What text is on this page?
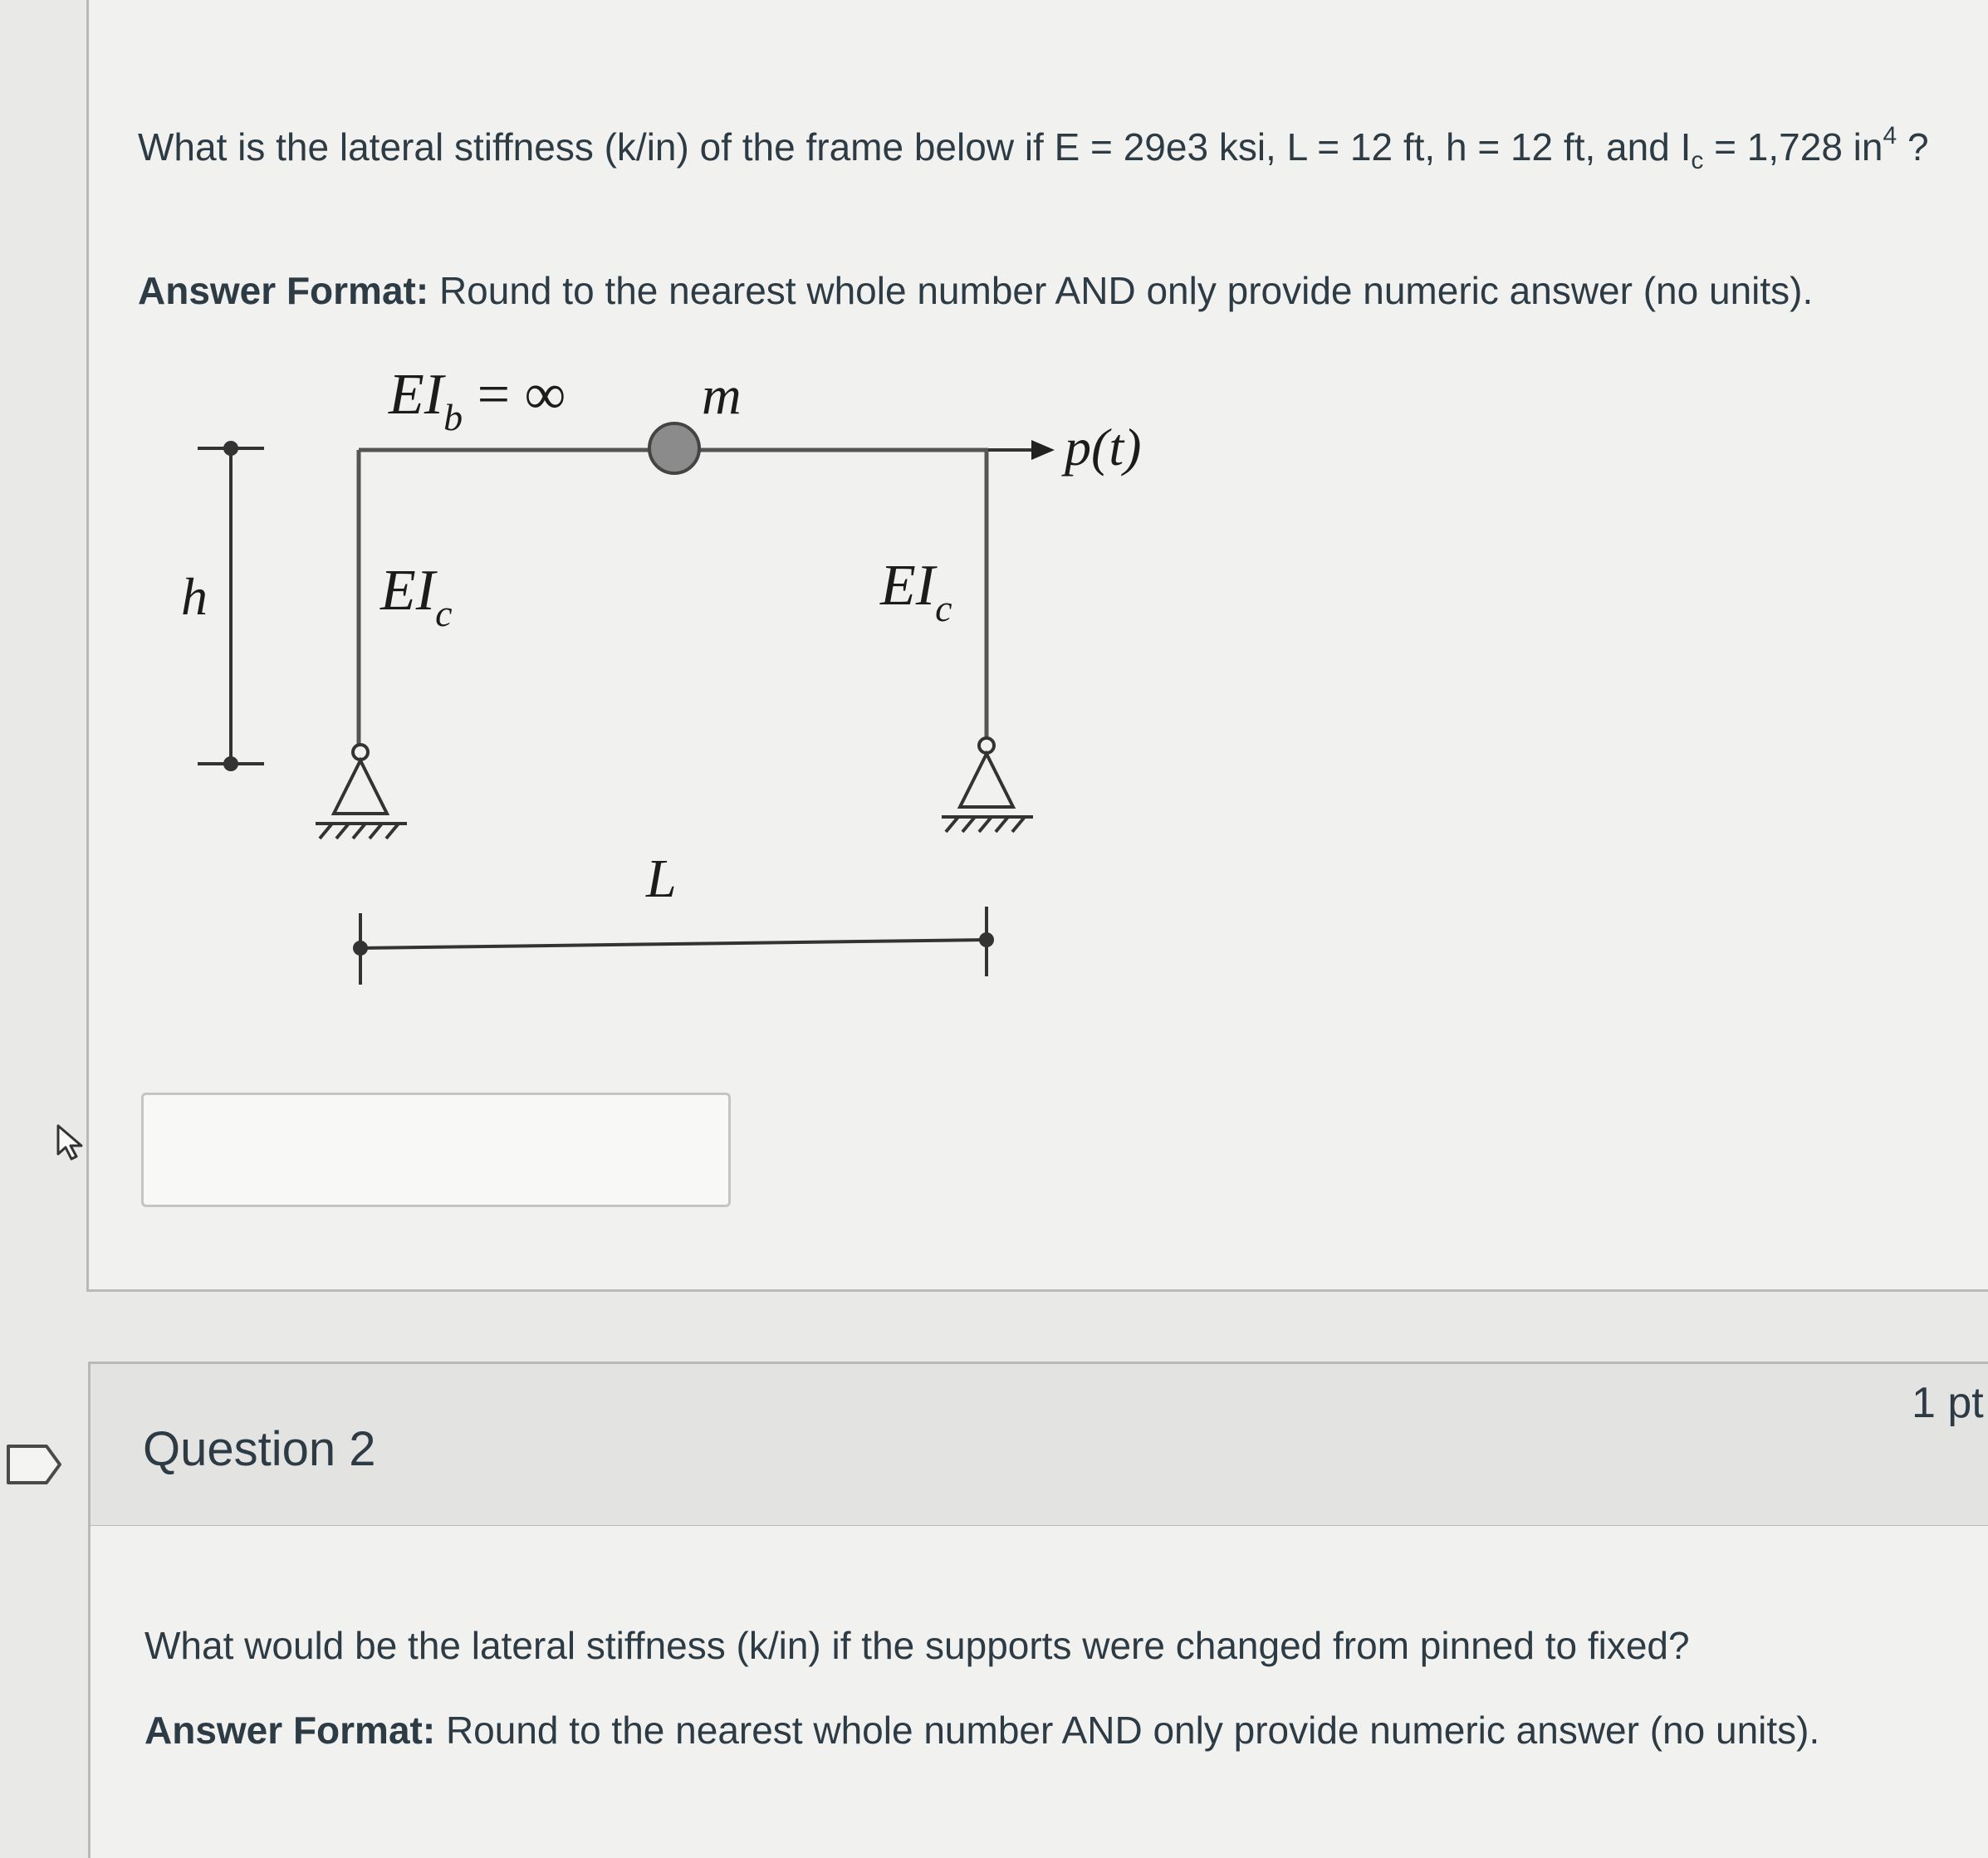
What is the lateral stiffness (k/in) of the frame below if E = 29e3 ksi, L = 12 ft, h = 12 ft, and $I_c = 1,728$ $in^4$ ?
Answer Format: Round to the nearest whole number AND only provide numeric answer (no units).
h
m
$EI_b$ = ∞
p(t)
$EI_c$	$EI_c$
L
Question 2
1 pt
What would be the lateral stiffness (k/in) if the supports were changed from pinned to fixed?
Answer Format: Round to the nearest whole number AND only provide numeric answer (no units).
